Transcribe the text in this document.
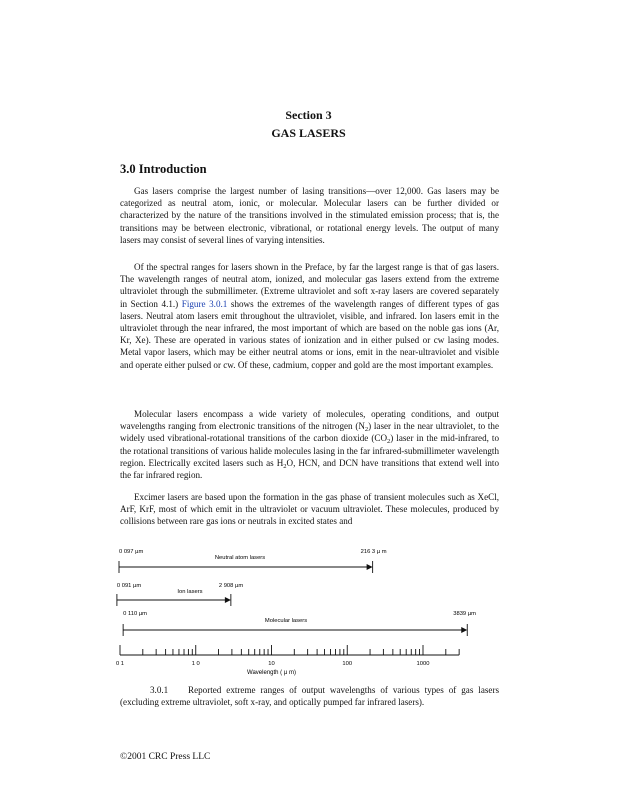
Section 3
GAS LASERS
3.0 Introduction

Gas lasers comprise the largest number of lasing transitions—over 12,000. Gas lasers may be categorized as neutral atom, ionic, or molecular. Molecular lasers can be further divided or characterized by the nature of the transitions involved in the stimulated emission process; that is, the transitions may be between electronic, vibrational, or rotational energy levels. The output of many lasers may consist of several lines of varying intensities.

Of the spectral ranges for lasers shown in the Preface, by far the largest range is that of gas lasers. The wavelength ranges of neutral atom, ionized, and molecular gas lasers extend from the extreme ultraviolet through the submillimeter. (Extreme ultraviolet and soft x-ray lasers are covered separately in Section 4.1.) Figure 3.0.1 shows the extremes of the wavelength ranges of different types of gas lasers. Neutral atom lasers emit throughout the ultraviolet, visible, and infrared. Ion lasers emit in the ultraviolet through the near infrared, the most important of which are based on the noble gas ions (Ar, Kr, Xe). These are operated in various states of ionization and in either pulsed or cw lasing modes. Metal vapor lasers, which may be either neutral atoms or ions, emit in the near-ultraviolet and visible and operate either pulsed or cw. Of these, cadmium, copper and gold are the most important examples.

Molecular lasers encompass a wide variety of molecules, operating conditions, and output wavelengths ranging from electronic transitions of the nitrogen $(N_2)$ laser in the near ultraviolet, to the widely used vibrational-rotational transitions of the carbon dioxide $(CO_2)$ laser in the mid-infrared, to the rotational transitions of various halide molecules lasing in the far infrared-submillimeter wavelength region. Electrically excited lasers such as $H_2O$, HCN, and DCN have transitions that extend well into the far infrared region.

Excimer lasers are based upon the formation in the gas phase of transient molecules such as XeCl, ArF, KrF, most of which emit in the ultraviolet or vacuum ultraviolet. These molecules, produced by collisions between rare gas ions or neutrals in excited states and

0 097 µm	216 3 µ m
Neutral atom lasers
0 091 µm	2 908 µm
Ion lasers
0 110 µm	3839 µm
Molecular lasers
0 1	1 0	10	100	1000
Wavelength ( μ m)

3.0.1 Reported extreme ranges of output wavelengths of various types of gas lasers (excluding extreme ultraviolet, soft x-ray, and optically pumped far infrared lasers).

©2001 CRC Press LLC
